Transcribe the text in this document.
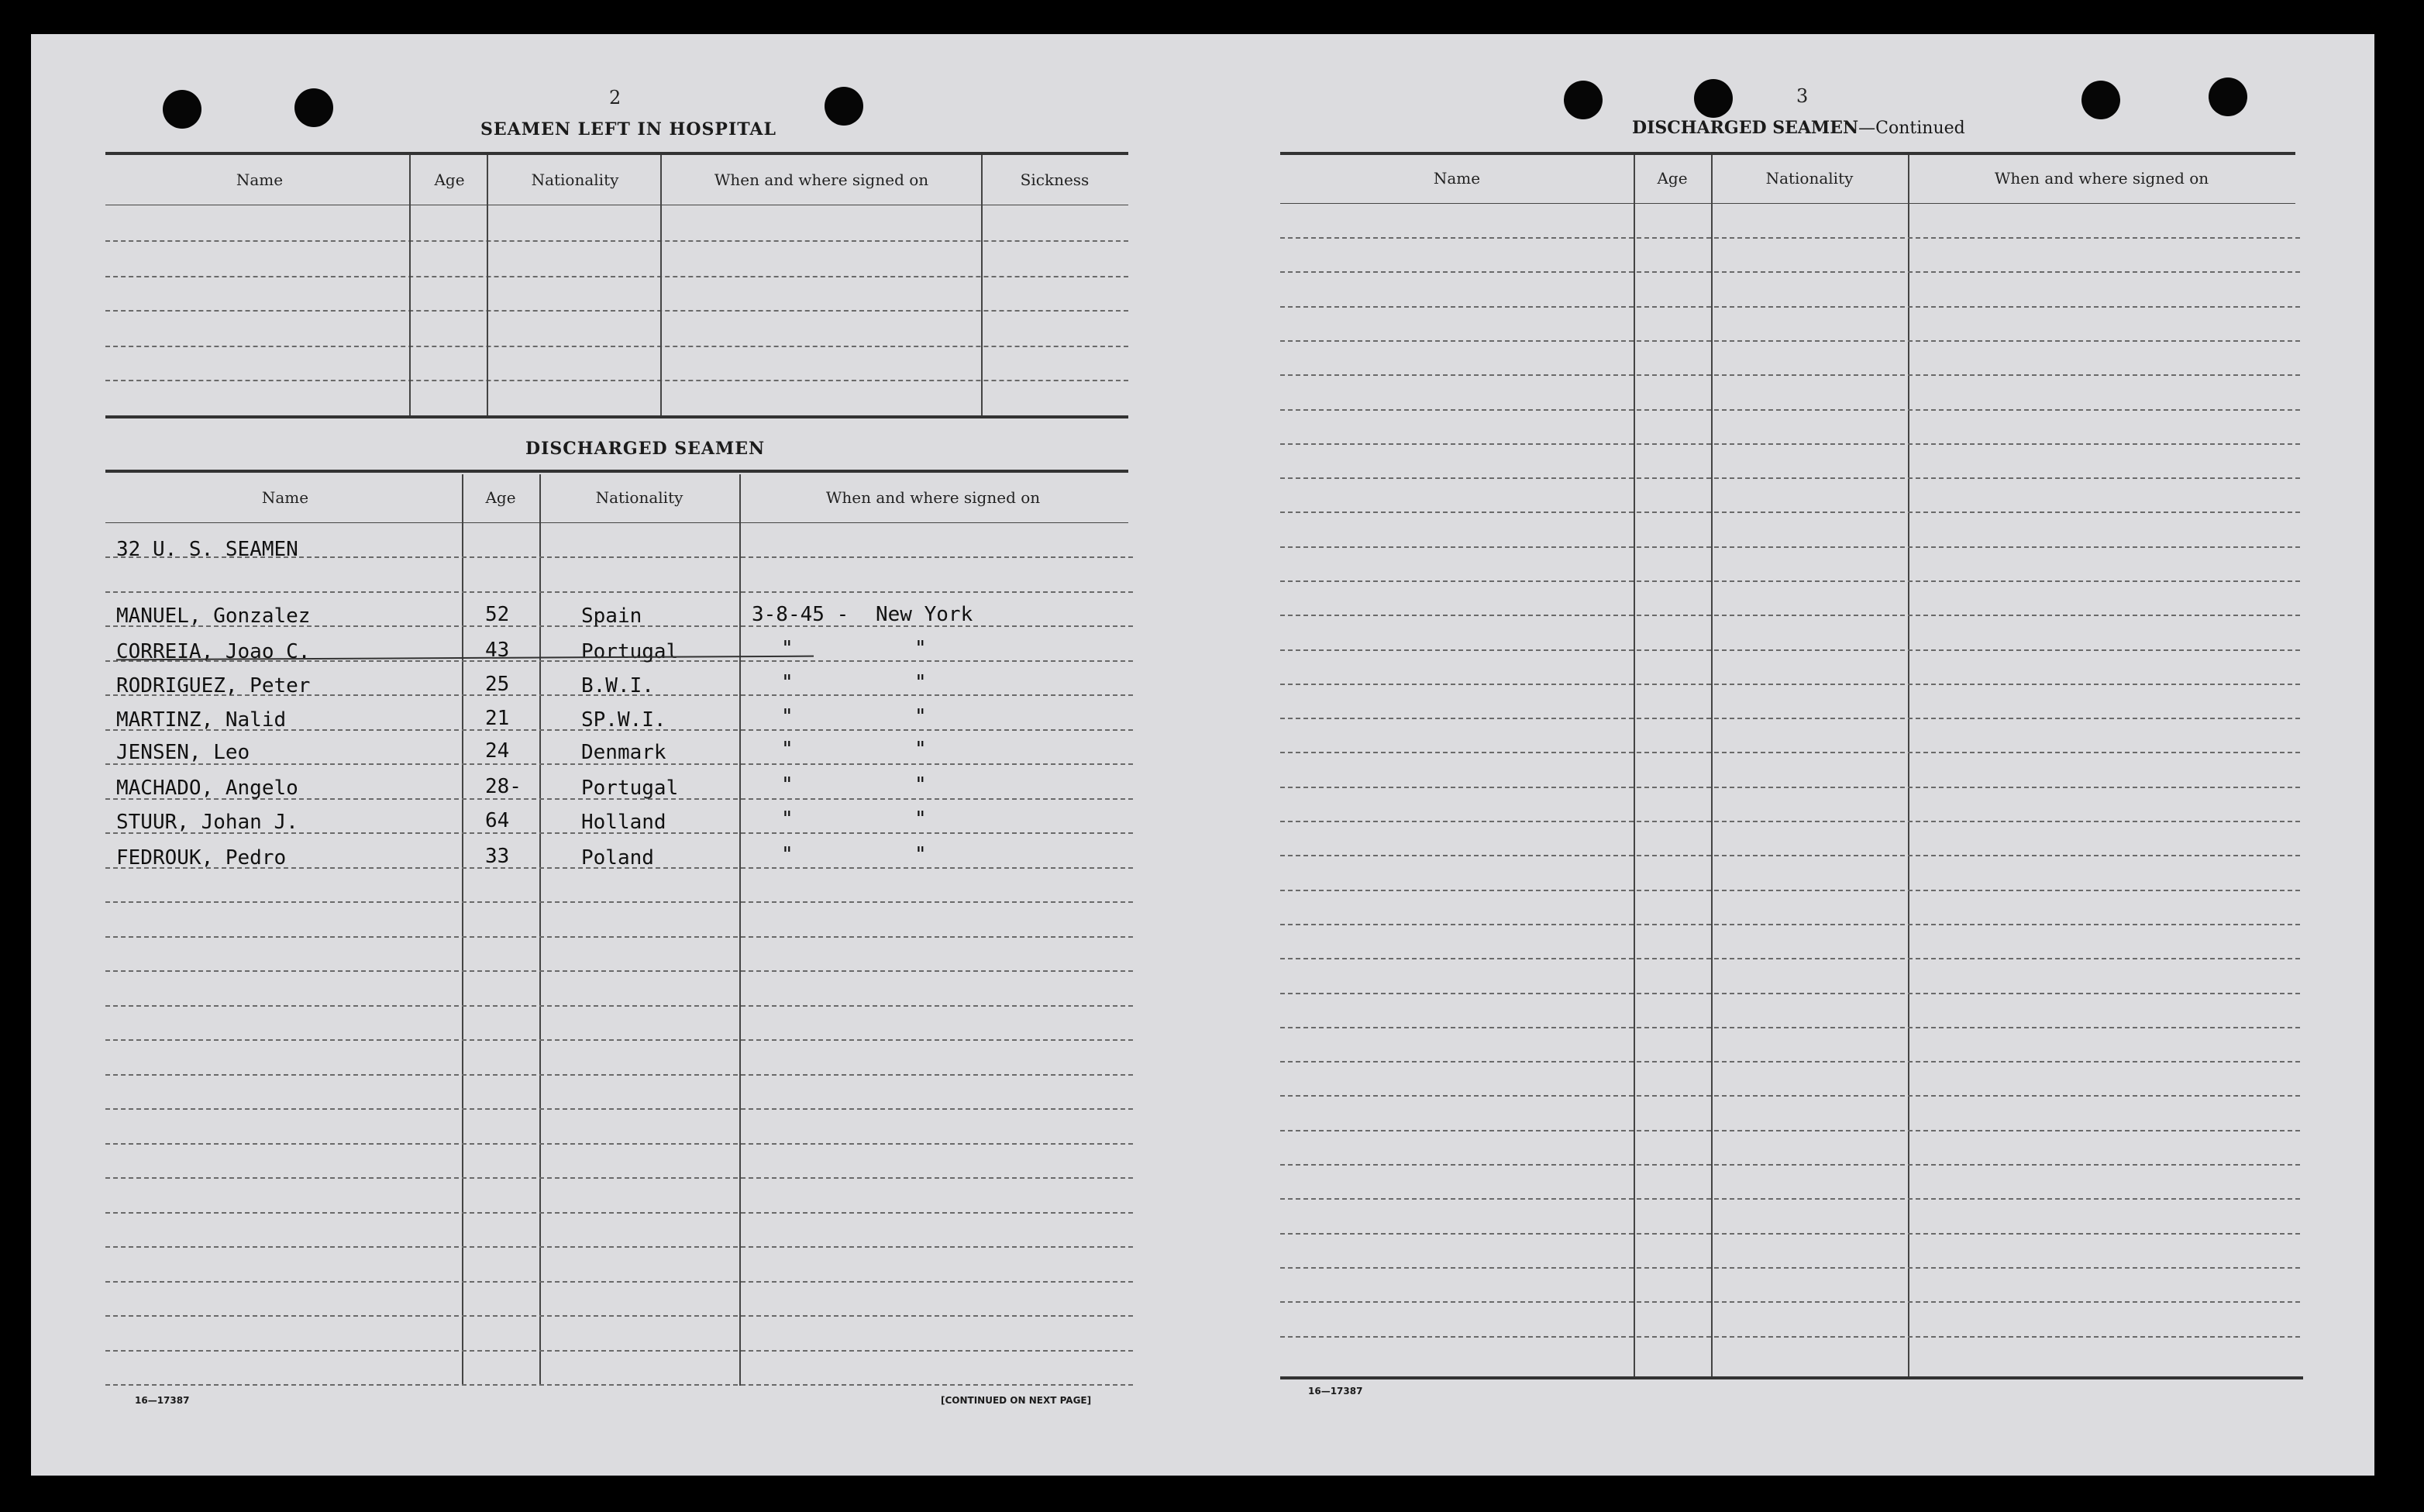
2
SEAMEN LEFT IN HOSPITAL
Name	Age	Nationality	When and where signed on	Sickness
DISCHARGED SEAMEN
Name	Age	Nationality	When and where signed on
32 U. S. SEAMEN
MANUEL, Gonzalez	52	Spain	3-8-45 - New York
CORREIA, Joao C.	43	Portugal	"	"
RODRIGUEZ, Peter	25	B.W.I.	"	"
MARTINZ, Nalid	21	SP.W.I.	"	"
JENSEN, Leo	24	Denmark	"	"
MACHADO, Angelo	28-	Portugal	"	"
STUUR, Johan J.	64	Holland	"	"
FEDROUK, Pedro	33	Poland	"	"
16—17387	[CONTINUED ON NEXT PAGE]
3
DISCHARGED SEAMEN—Continued
Name	Age	Nationality	When and where signed on
16—17387
